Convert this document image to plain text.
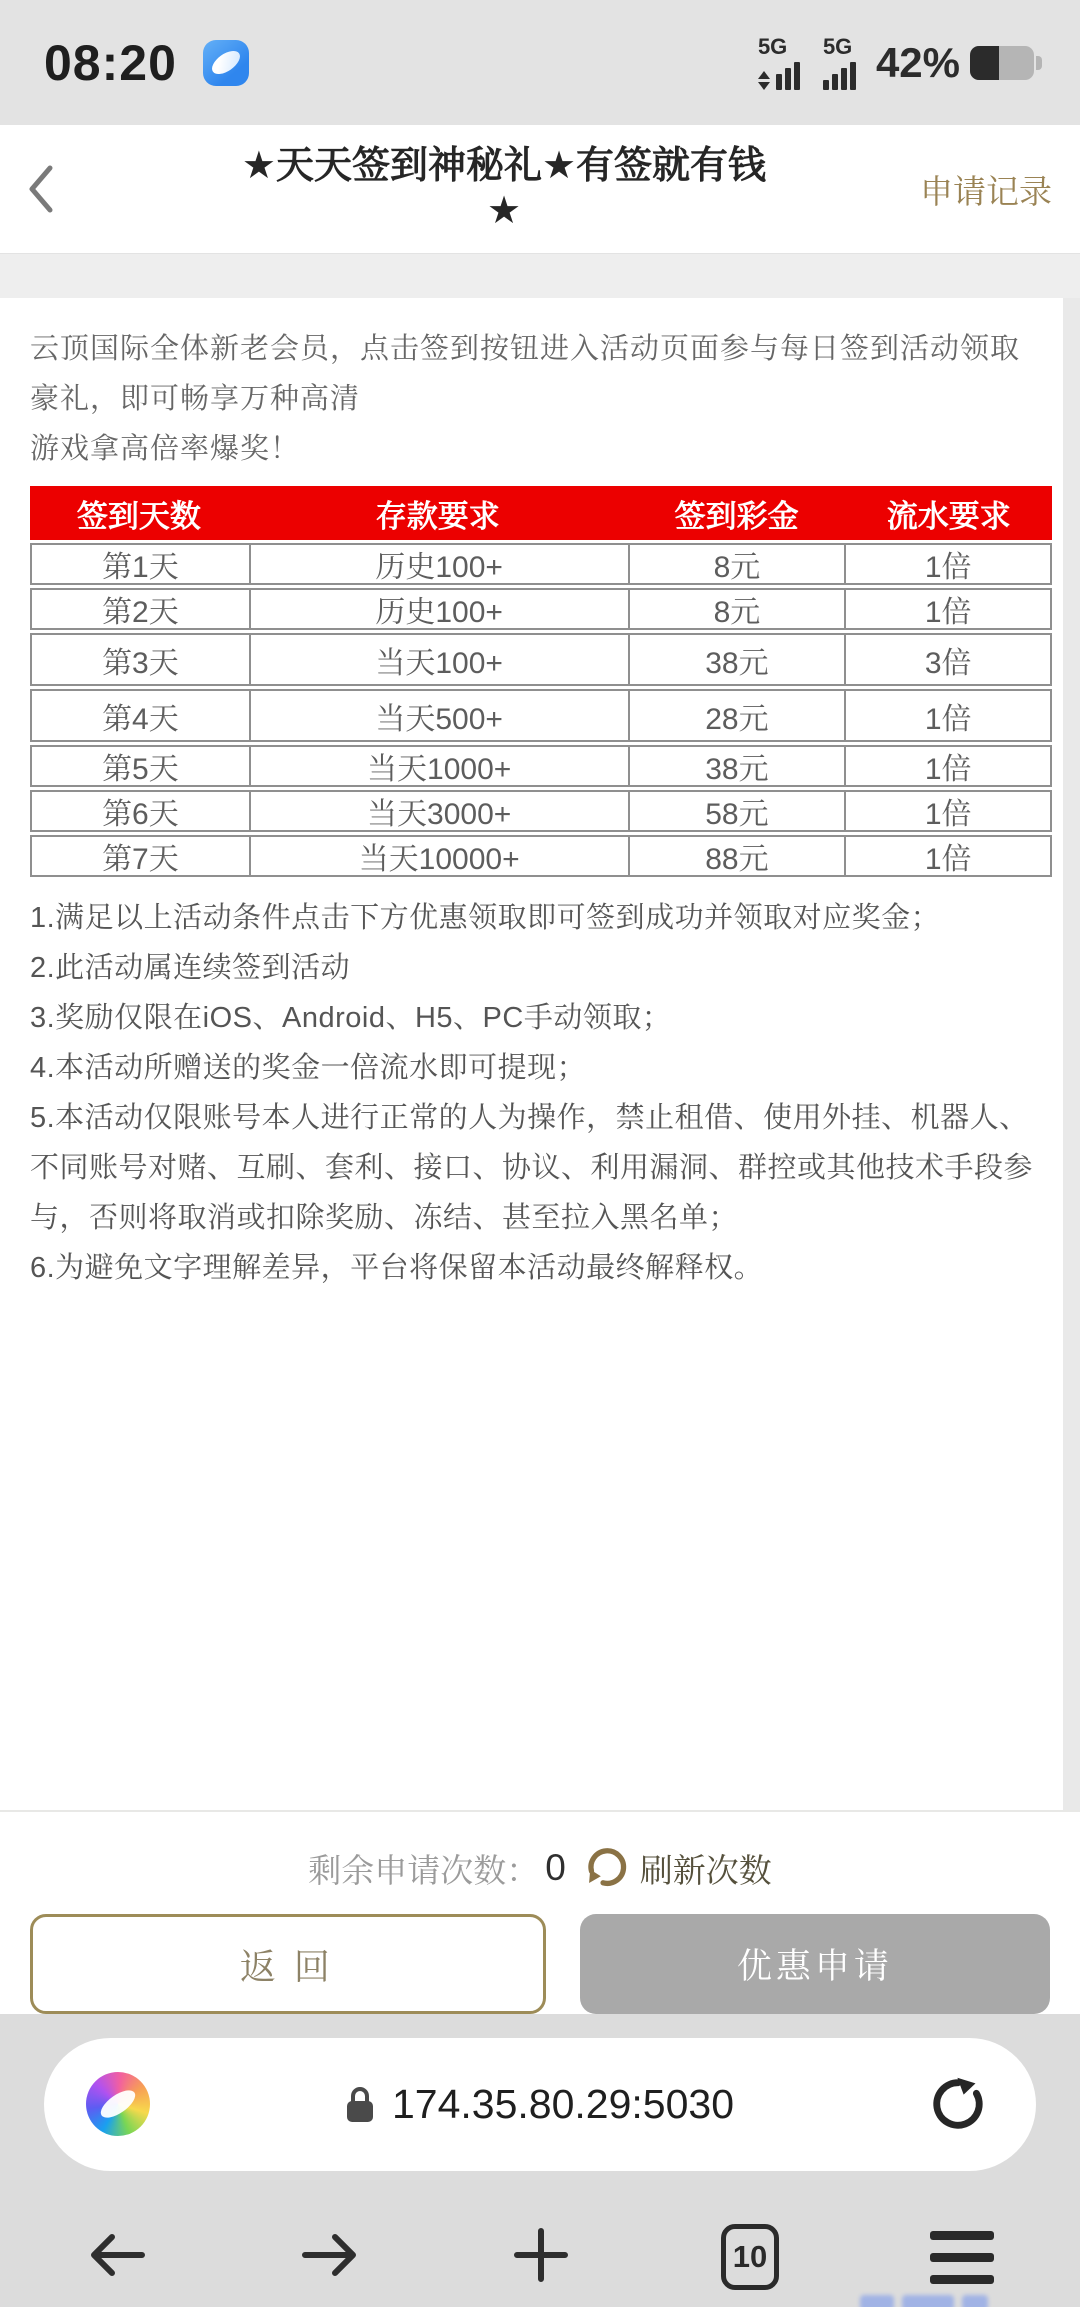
08:20	5G 5G 42%
★天天签到神秘礼★有签就有钱
★	申请记录
云顶国际全体新老会员，点击签到按钮进入活动页面参与每日签到活动领取豪礼，即可畅享万种高清
游戏拿高倍率爆奖！
签到天数	存款要求	签到彩金	流水要求
第1天	历史100+	8元	1倍
第2天	历史100+	8元	1倍
第3天	当天100+	38元	3倍
第4天	当天500+	28元	1倍
第5天	当天1000+	38元	1倍
第6天	当天3000+	58元	1倍
第7天	当天10000+	88元	1倍
1.满足以上活动条件点击下方优惠领取即可签到成功并领取对应奖金；
2.此活动属连续签到活动
3.奖励仅限在iOS、Android、H5、PC手动领取；
4.本活动所赠送的奖金一倍流水即可提现；
5.本活动仅限账号本人进行正常的人为操作，禁止租借、使用外挂、机器人、不同账号对赌、互刷、套利、接口、协议、利用漏洞、群控或其他技术手段参与，否则将取消或扣除奖励、冻结、甚至拉入黑名单；
6.为避免文字理解差异，平台将保留本活动最终解释权。
剩余申请次数： 0 刷新次数
返回	优惠申请
174.35.80.29:5030
10
